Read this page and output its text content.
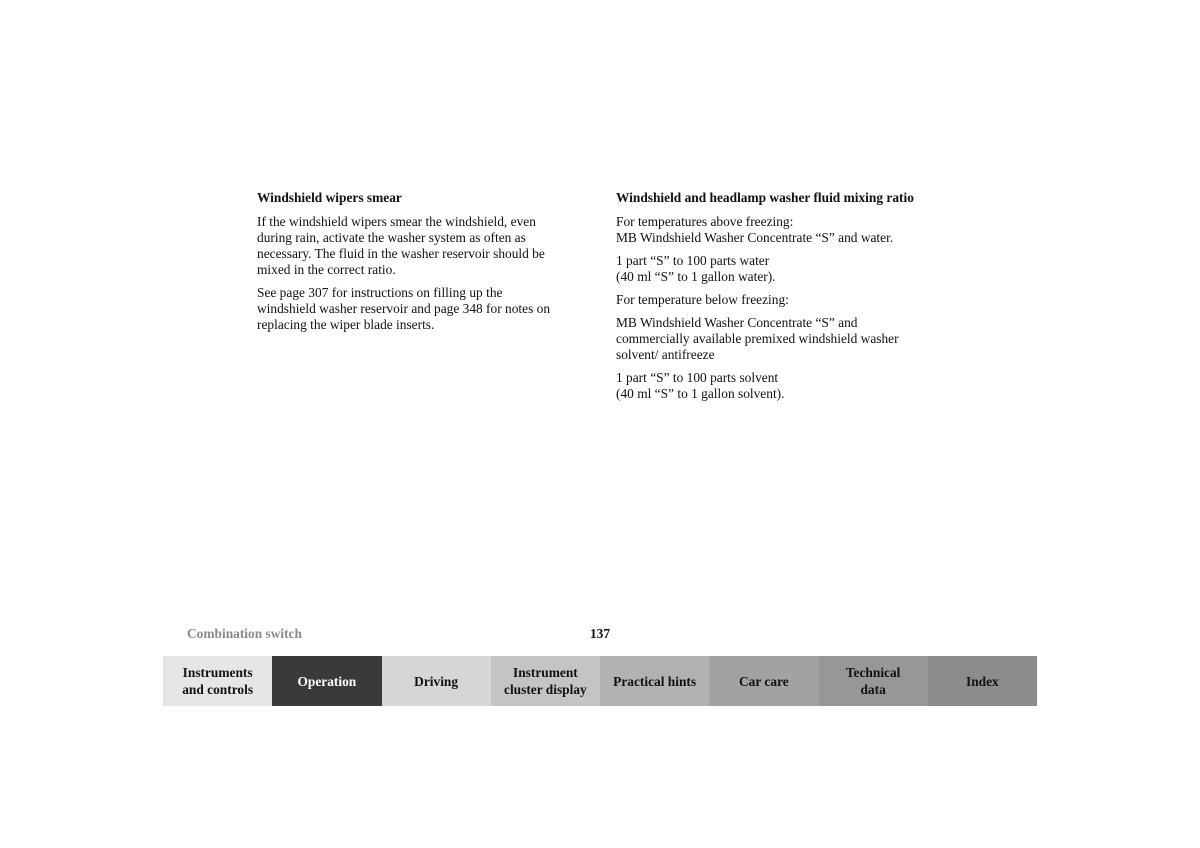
Windshield wipers smear
If the windshield wipers smear the windshield, even
during rain, activate the washer system as often as
necessary. The fluid in the washer reservoir should be
mixed in the correct ratio.
See page 307 for instructions on filling up the
windshield washer reservoir and page 348 for notes on
replacing the wiper blade inserts.
Windshield and headlamp washer fluid mixing ratio
For temperatures above freezing:
MB Windshield Washer Concentrate “S” and water.
1 part “S” to 100 parts water
(40 ml “S” to 1 gallon water).
For temperature below freezing:
MB Windshield Washer Concentrate “S” and
commercially available premixed windshield washer
solvent/ antifreeze
1 part “S” to 100 parts solvent
(40 ml “S” to 1 gallon solvent).
Combination switch	137
Instruments
and controls
Operation	Driving
Instrument
cluster display
Practical hints	Car care
Technical
data
Index
